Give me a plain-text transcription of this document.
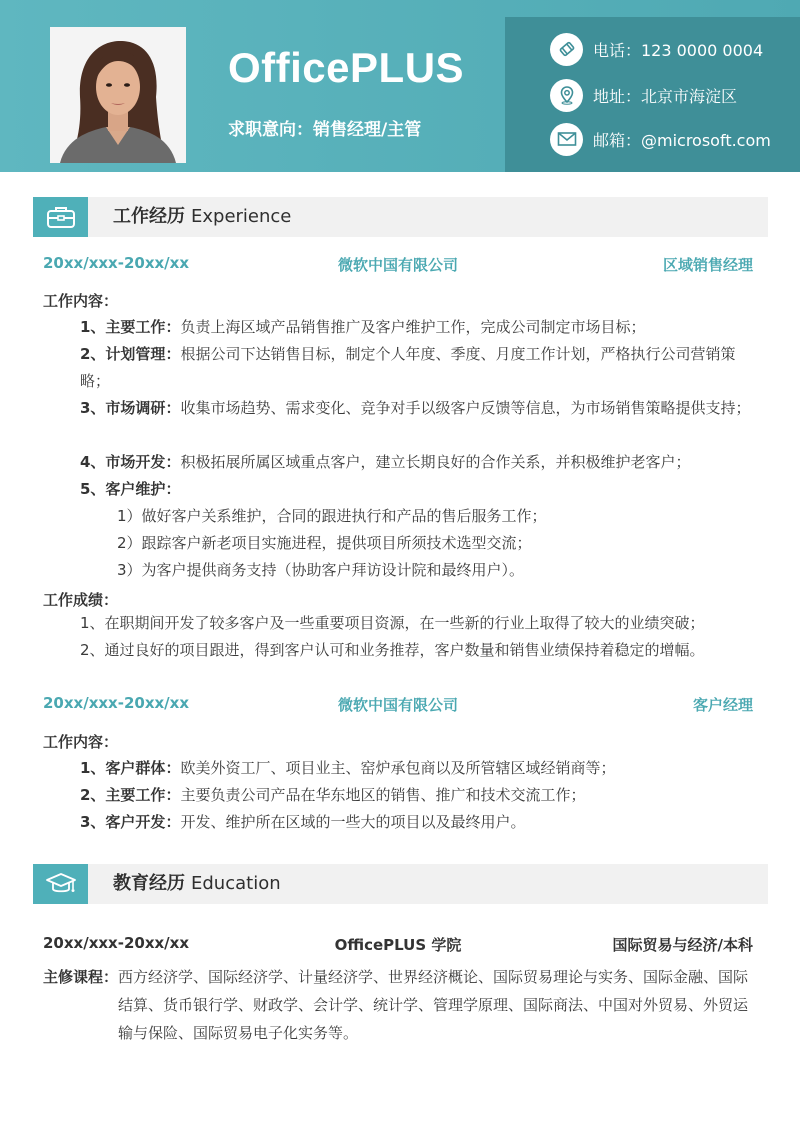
OfficePLUS
求职意向：销售经理/主管
电话：123 0000 0004
地址：北京市海淀区
邮箱：@microsoft.com
工作经历 Experience
20xx/xxx-20xx/xx	微软中国有限公司	区域销售经理
工作内容：
1、主要工作：负责上海区域产品销售推广及客户维护工作，完成公司制定市场目标；
2、计划管理：根据公司下达销售目标，制定个人年度、季度、月度工作计划，严格执行公司营销策略；
3、市场调研：收集市场趋势、需求变化、竞争对手以级客户反馈等信息，为市场销售策略提供支持；
4、市场开发：积极拓展所属区域重点客户，建立长期良好的合作关系，并积极维护老客户；
5、客户维护：
1）做好客户关系维护，合同的跟进执行和产品的售后服务工作；
2）跟踪客户新老项目实施进程，提供项目所须技术选型交流；
3）为客户提供商务支持（协助客户拜访设计院和最终用户）。
工作成绩：
1、在职期间开发了较多客户及一些重要项目资源，在一些新的行业上取得了较大的业绩突破；
2、通过良好的项目跟进，得到客户认可和业务推荐，客户数量和销售业绩保持着稳定的增幅。
20xx/xxx-20xx/xx	微软中国有限公司	客户经理
工作内容：
1、客户群体：欧美外资工厂、项目业主、窑炉承包商以及所管辖区域经销商等；
2、主要工作：主要负责公司产品在华东地区的销售、推广和技术交流工作；
3、客户开发：开发、维护所在区域的一些大的项目以及最终用户。
教育经历 Education
20xx/xxx-20xx/xx	OfficePLUS 学院	国际贸易与经济/本科
主修课程： 西方经济学、国际经济学、计量经济学、世界经济概论、国际贸易理论与实务、国际金融、国际结算、货币银行学、财政学、会计学、统计学、管理学原理、国际商法、中国对外贸易、外贸运输与保险、国际贸易电子化实务等。
